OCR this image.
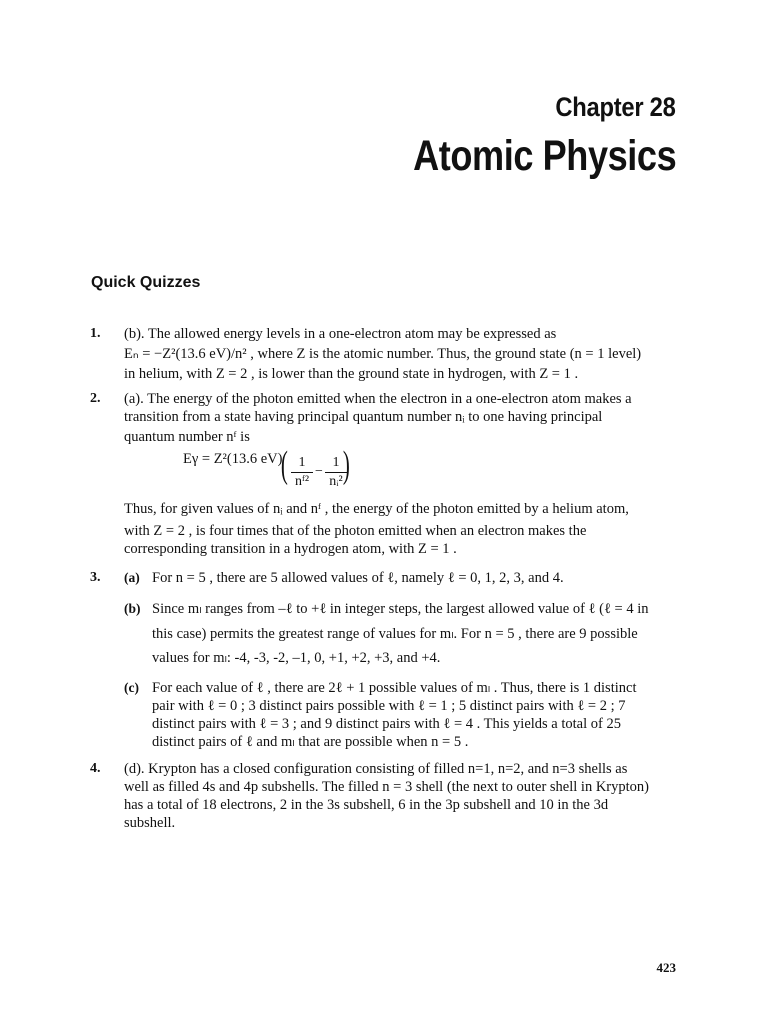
Chapter 28
Atomic Physics
Quick Quizzes
1. (b). The allowed energy levels in a one-electron atom may be expressed as
Eₙ = −Z²(13.6 eV)/n² , where Z is the atomic number. Thus, the ground state (n = 1 level)
in helium, with Z = 2 , is lower than the ground state in hydrogen, with Z = 1 .
2. (a). The energy of the photon emitted when the electron in a one-electron atom makes a
transition from a state having principal quantum number nᵢ to one having principal
quantum number nᶠ is
Eγ = Z²(13.6 eV)
( 1
nᶠ²
−
1
nᵢ² )
Thus, for given values of nᵢ and nᶠ , the energy of the photon emitted by a helium atom,
with Z = 2 , is four times that of the photon emitted when an electron makes the
corresponding transition in a hydrogen atom, with Z = 1 .
3. (a) For n = 5 , there are 5 allowed values of ℓ, namely ℓ = 0, 1, 2, 3, and 4.
(b) Since mₗ ranges from –ℓ to +ℓ in integer steps, the largest allowed value of ℓ (ℓ = 4 in
this case) permits the greatest range of values for mₗ. For n = 5 , there are 9 possible
values for mₗ: -4, -3, -2, –1, 0, +1, +2, +3, and +4.
(c) For each value of ℓ , there are 2ℓ + 1 possible values of mₗ . Thus, there is 1 distinct
pair with ℓ = 0 ; 3 distinct pairs possible with ℓ = 1 ; 5 distinct pairs with ℓ = 2 ; 7
distinct pairs with ℓ = 3 ; and 9 distinct pairs with ℓ = 4 . This yields a total of 25
distinct pairs of ℓ and mₗ that are possible when n = 5 .
4. (d). Krypton has a closed configuration consisting of filled n=1, n=2, and n=3 shells as
well as filled 4s and 4p subshells. The filled n = 3 shell (the next to outer shell in Krypton)
has a total of 18 electrons, 2 in the 3s subshell, 6 in the 3p subshell and 10 in the 3d
subshell.
423
